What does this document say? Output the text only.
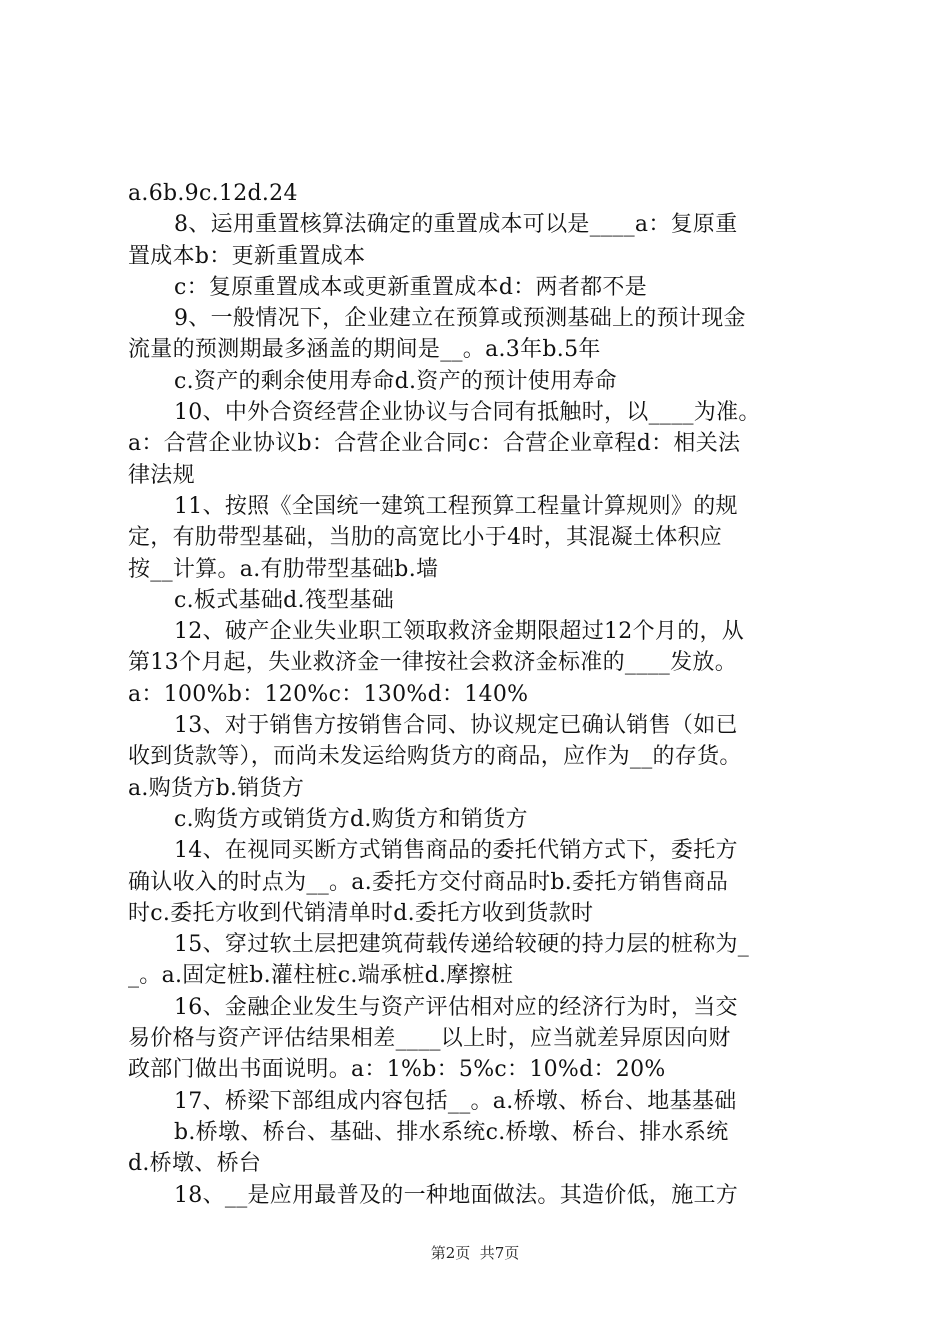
a.6b.9c.12d.24
8、运用重置核算法确定的重置成本可以是____a：复原重
置成本b：更新重置成本
c：复原重置成本或更新重置成本d：两者都不是
9、一般情况下，企业建立在预算或预测基础上的预计现金
流量的预测期最多涵盖的期间是__。a.3年b.5年
c.资产的剩余使用寿命d.资产的预计使用寿命
10、中外合资经营企业协议与合同有抵触时，以____为准。
a：合营企业协议b：合营企业合同c：合营企业章程d：相关法
律法规
11、按照《全国统一建筑工程预算工程量计算规则》的规
定，有肋带型基础，当肋的高宽比小于4时，其混凝土体积应
按__计算。a.有肋带型基础b.墙
c.板式基础d.筏型基础
12、破产企业失业职工领取救济金期限超过12个月的，从
第13个月起，失业救济金一律按社会救济金标准的____发放。
a：100%b：120%c：130%d：140%
13、对于销售方按销售合同、协议规定已确认销售（如已
收到货款等），而尚未发运给购货方的商品，应作为__的存货。
a.购货方b.销货方
c.购货方或销货方d.购货方和销货方
14、在视同买断方式销售商品的委托代销方式下，委托方
确认收入的时点为__。a.委托方交付商品时b.委托方销售商品
时c.委托方收到代销清单时d.委托方收到货款时
15、穿过软土层把建筑荷载传递给较硬的持力层的桩称为_
_。a.固定桩b.灌柱桩c.端承桩d.摩擦桩
16、金融企业发生与资产评估相对应的经济行为时，当交
易价格与资产评估结果相差____以上时，应当就差异原因向财
政部门做出书面说明。a：1%b：5%c：10%d：20%
17、桥梁下部组成内容包括__。a.桥墩、桥台、地基基础
b.桥墩、桥台、基础、排水系统c.桥墩、桥台、排水系统
d.桥墩、桥台
18、__是应用最普及的一种地面做法。其造价低，施工方
第2页  共7页
